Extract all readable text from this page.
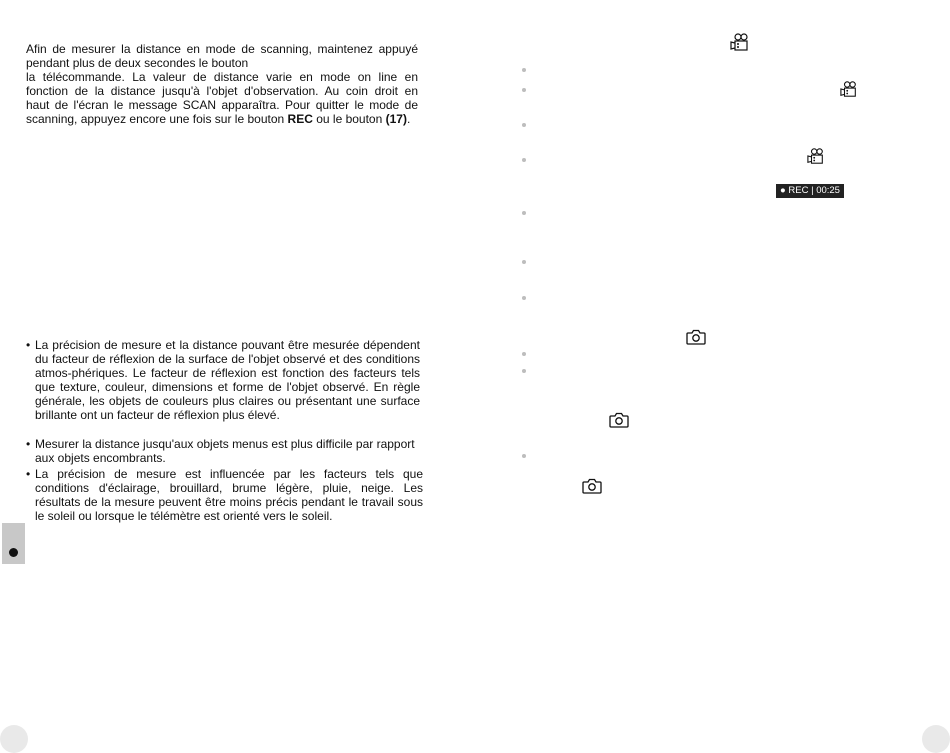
Afin de mesurer la distance en mode de scanning, maintenez appuyé
pendant plus de deux secondes le bouton
la télécommande. La valeur de distance varie en mode on line en
fonction de la distance jusqu'à l'objet d'observation. Au coin droit en
haut de l'écran le message SCAN apparaîtra. Pour quitter le mode de
scanning, appuyez encore une fois sur le bouton REC ou le bouton (17).
• La précision de mesure et la distance pouvant être mesurée dépendent du facteur de réflexion de la surface de l'objet observé et des conditions atmos-phériques. Le facteur de réflexion est fonction des facteurs tels que texture, couleur, dimensions et forme de l'objet observé. En règle générale, les objets de couleurs plus claires ou présentant une surface brillante ont un facteur de réflexion plus élevé.
• Mesurer la distance jusqu'aux objets menus est plus difficile par rapport aux objets encombrants.
• La précision de mesure est influencée par les facteurs tels que conditions d'éclairage, brouillard, brume légère, pluie, neige. Les résultats de la mesure peuvent être moins précis pendant le travail sous le soleil ou lorsque le télémètre est orienté vers le soleil.
● REC | 00:25
